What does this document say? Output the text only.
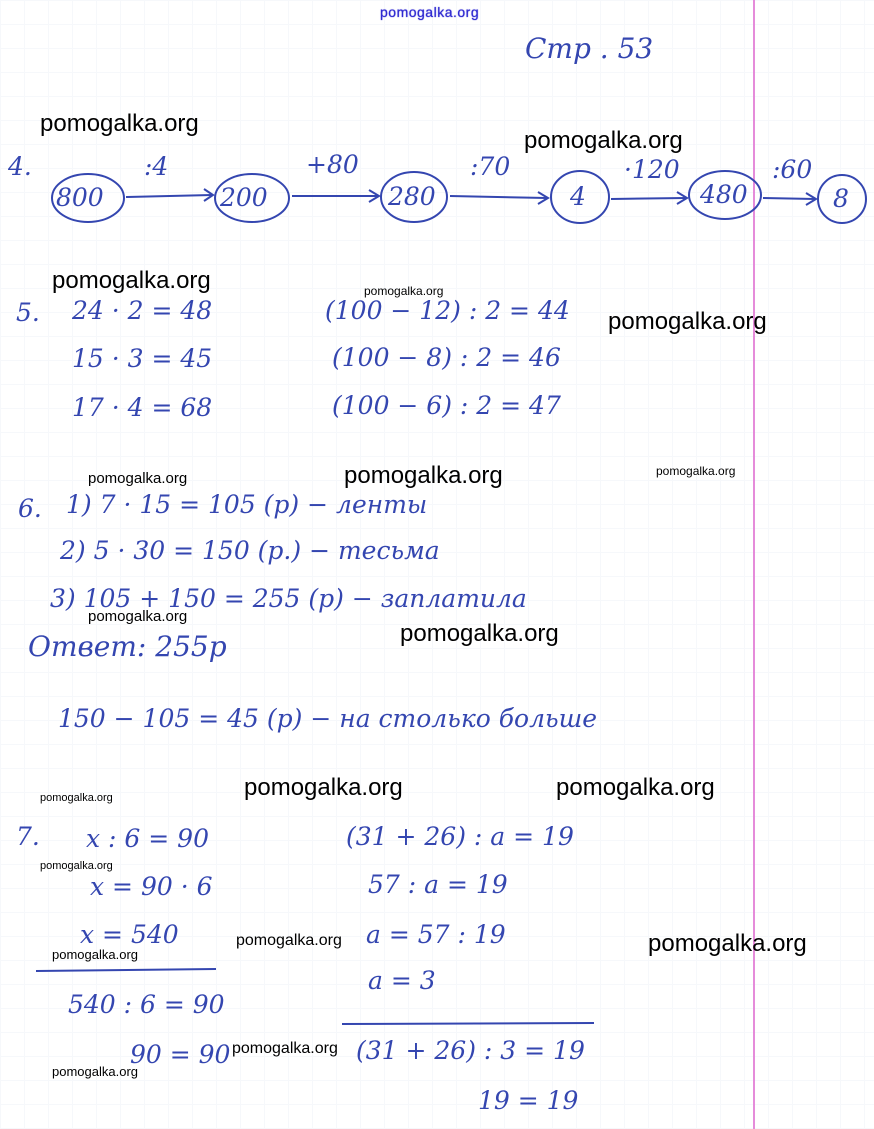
pomogalka.org
Стр . 53
4.
800	200	280	4	480	8
:4	+80	:70	·120	:60
5. 24 · 2 = 48
15 · 3 = 45
17 · 4 = 68
(100 − 12) : 2 = 44
(100 − 8) : 2 = 46
(100 − 6) : 2 = 47
6. 1) 7 · 15 = 105 (р) − ленты
2) 5 · 30 = 150 (р.) − тесьма
3) 105 + 150 = 255 (р) − заплатила
Ответ: 255р
150 − 105 = 45 (р) − на столько больше
7. x : 6 = 90
x = 90 · 6
x = 540
540 : 6 = 90
90 = 90
(31 + 26) : a = 19
57 : a = 19
a = 57 : 19
a = 3
(31 + 26) : 3 = 19
19 = 19
pomogalka.org
pomogalka.org
pomogalka.org	pomogalka.org
pomogalka.org
pomogalka.org	pomogalka.org	pomogalka.org
pomogalka.org
pomogalka.org
pomogalka.org	pomogalka.org	pomogalka.org
pomogalka.org
pomogalka.org
pomogalka.org
pomogalka.org
pomogalka.org
pomogalka.org
